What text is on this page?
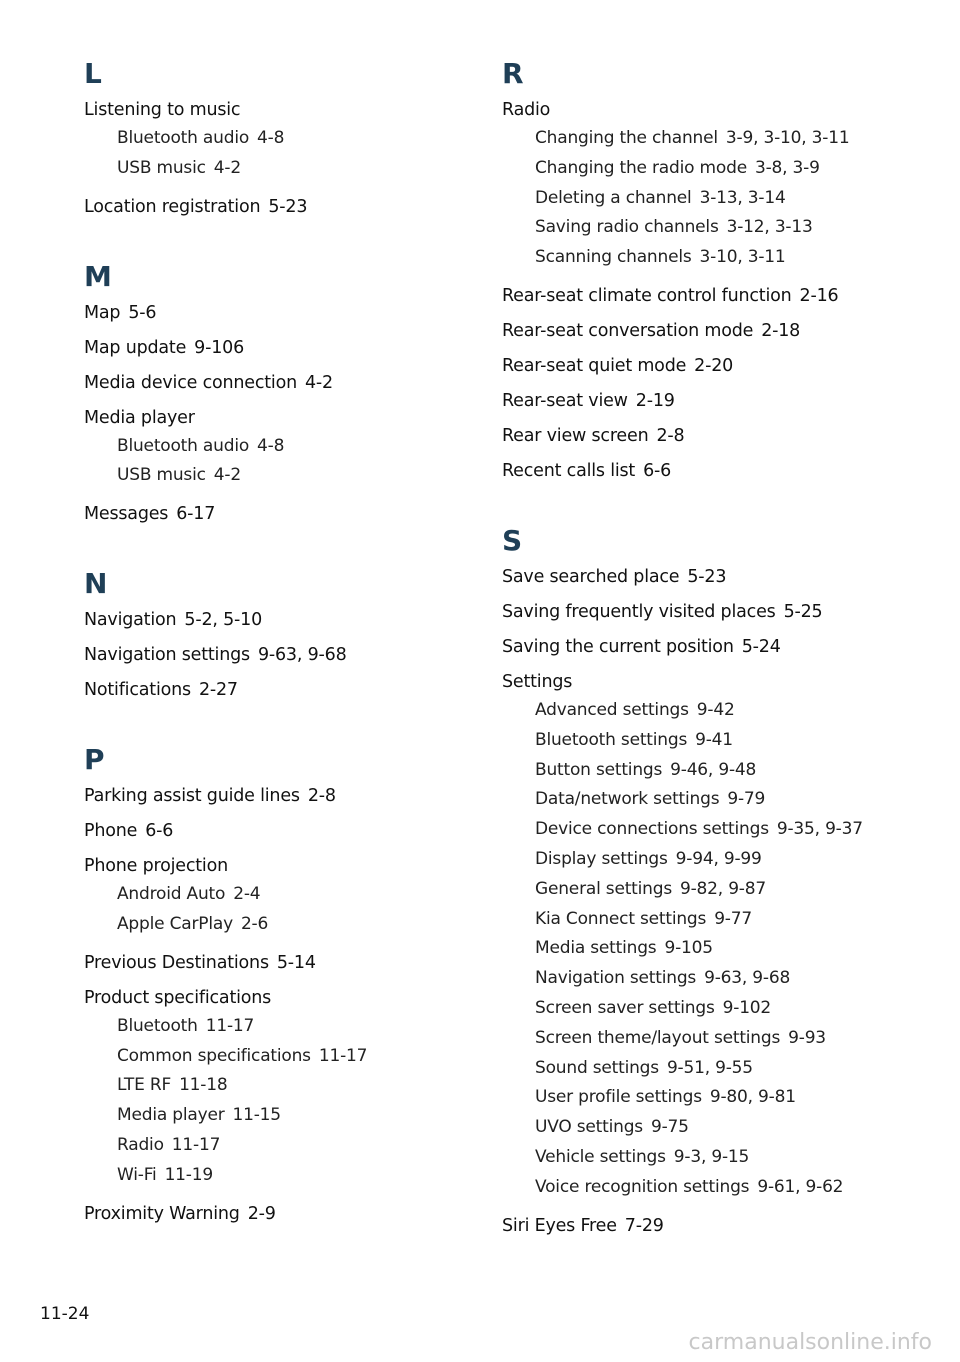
L
Listening to music
Bluetooth audio 4-8
USB music 4-2
Location registration 5-23
M
Map 5-6
Map update 9-106
Media device connection 4-2
Media player
Bluetooth audio 4-8
USB music 4-2
Messages 6-17
N
Navigation 5-2, 5-10
Navigation settings 9-63, 9-68
Notifications 2-27
P
Parking assist guide lines 2-8
Phone 6-6
Phone projection
Android Auto 2-4
Apple CarPlay 2-6
Previous Destinations 5-14
Product specifications
Bluetooth 11-17
Common specifications 11-17
LTE RF 11-18
Media player 11-15
Radio 11-17
Wi-Fi 11-19
Proximity Warning 2-9
R
Radio
Changing the channel 3-9, 3-10, 3-11
Changing the radio mode 3-8, 3-9
Deleting a channel 3-13, 3-14
Saving radio channels 3-12, 3-13
Scanning channels 3-10, 3-11
Rear-seat climate control function 2-16
Rear-seat conversation mode 2-18
Rear-seat quiet mode 2-20
Rear-seat view 2-19
Rear view screen 2-8
Recent calls list 6-6
S
Save searched place 5-23
Saving frequently visited places 5-25
Saving the current position 5-24
Settings
Advanced settings 9-42
Bluetooth settings 9-41
Button settings 9-46, 9-48
Data/network settings 9-79
Device connections settings 9-35, 9-37
Display settings 9-94, 9-99
General settings 9-82, 9-87
Kia Connect settings 9-77
Media settings 9-105
Navigation settings 9-63, 9-68
Screen saver settings 9-102
Screen theme/layout settings 9-93
Sound settings 9-51, 9-55
User profile settings 9-80, 9-81
UVO settings 9-75
Vehicle settings 9-3, 9-15
Voice recognition settings 9-61, 9-62
Siri Eyes Free 7-29
11-24
carmanualsonline.info
